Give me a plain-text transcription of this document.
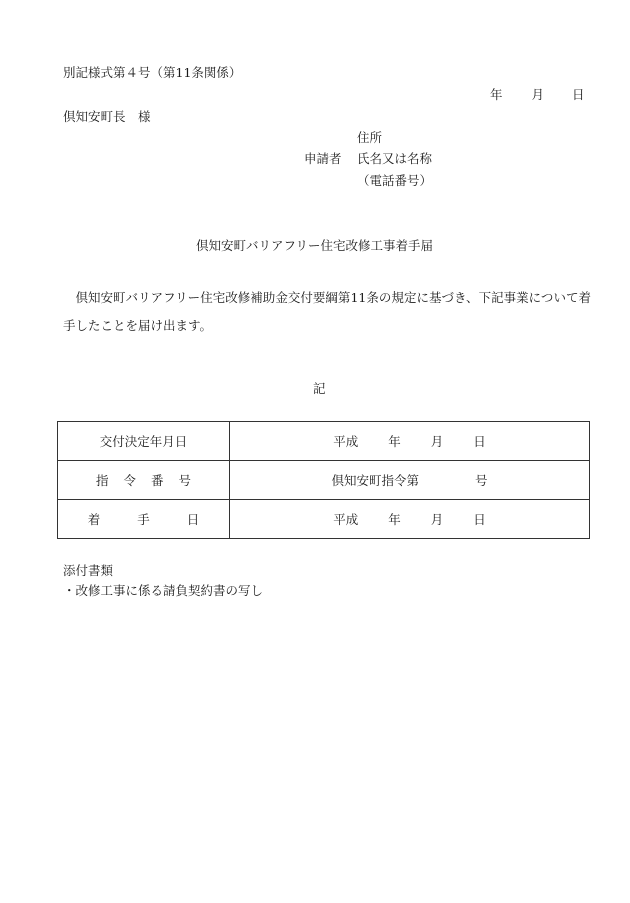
別記様式第４号（第11条関係）
年 月 日
倶知安町長　様
住所
申請者 氏名又は名称
（電話番号）
倶知安町バリアフリー住宅改修工事着手届
倶知安町バリアフリー住宅改修補助金交付要綱第11条の規定に基づき、下記事業について着手したことを届け出ます。
記
交付決定年月日	平成 年 月 日
指 令 番 号	倶知安町指令第 号
着 手 日	平成 年 月 日
添付書類
・改修工事に係る請負契約書の写し
